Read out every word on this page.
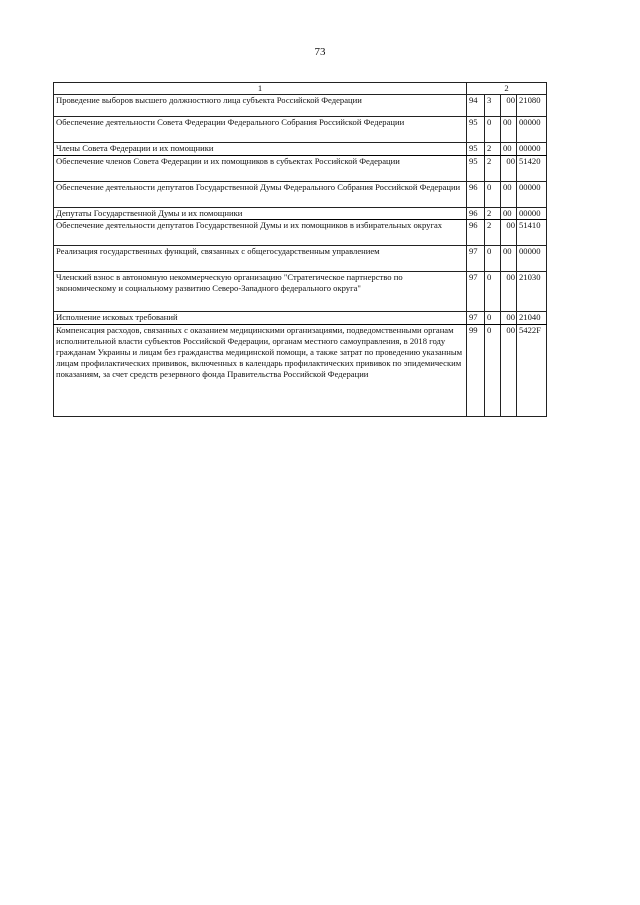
73
1	2			
Проведение выборов высшего должностного лица субъекта Российской Федерации	94	3	00	21080
Обеспечение деятельности Совета Федерации Федерального Собрания Российской Федерации	95	0	00	00000
Члены Совета Федерации и их помощники	95	2	00	00000
Обеспечение членов Совета Федерации и их помощников в субъектах Российской Федерации	95	2	00	51420
Обеспечение деятельности депутатов Государственной Думы Федерального Собрания Российской Федерации	96	0	00	00000
Депутаты Государственной Думы и их помощники	96	2	00	00000
Обеспечение деятельности депутатов Государственной Думы и их помощников в избирательных округах	96	2	00	51410
Реализация государственных функций, связанных с общегосударственным управлением	97	0	00	00000
Членский взнос в автономную некоммерческую организацию "Стратегическое партнерство по экономическому и социальному развитию Северо-Западного федерального округа"	97	0	00	21030
Исполнение исковых требований	97	0	00	21040
Компенсация расходов, связанных с оказанием медицинскими организациями, подведомственными органам исполнительной власти субъектов Российской Федерации, органам местного самоуправления, в 2018 году гражданам Украины и лицам без гражданства медицинской помощи, а также затрат по проведению указанным лицам профилактических прививок, включенных в календарь профилактических прививок по эпидемическим показаниям, за счет средств резервного фонда Правительства Российской Федерации	99	0	00	5422F
